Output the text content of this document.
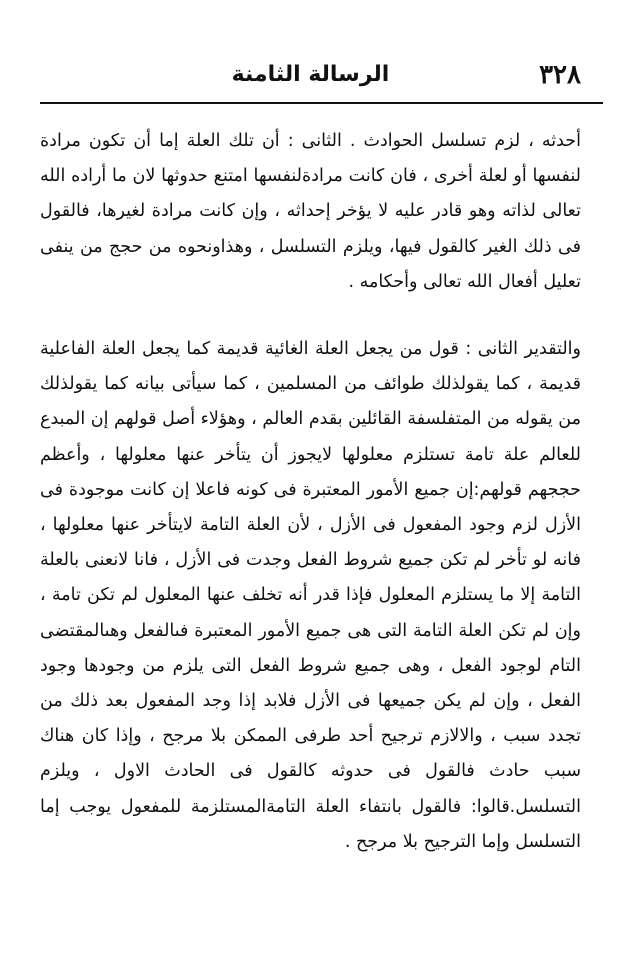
٣٢٨
الرسالة الثامنة

أحدثه ، لزم تسلسل الحوادث . الثانى : أن تلك العلة إما أن تكون مرادة لنفسها أو لعلة أخرى ، فان كانت مرادةلنفسها امتنع حدوثها لان ما أراده الله تعالى لذاته وهو قادر عليه لا يؤخر إحداثه ، وإن كانت مرادة لغيرها، فالقول فى ذلك الغير كالقول فيها، ويلزم التسلسل ، وهذاونحوه من حجج من ينفى تعليل أفعال الله تعالى وأحكامه .

والتقدير الثانى : قول من يجعل العلة الغائية قديمة كما يجعل العلة الفاعلية قديمة ، كما يقولذلك طوائف من المسلمين ، كما سيأتى بيانه كما يقولذلك من يقوله من المتفلسفة القائلين بقدم العالم ، وهؤلاء أصل قولهم إن المبدع للعالم علة تامة تستلزم معلولها لايجوز أن يتأخر عنها معلولها ، وأعظم حججهم قولهم:إن جميع الأمور المعتبرة فى كونه فاعلا إن كانت موجودة فى الأزل لزم وجود المفعول فى الأزل ، لأن العلة التامة لايتأخر عنها معلولها ، فانه لو تأخر لم تكن جميع شروط الفعل وجدت فى الأزل ، فانا لانعنى بالعلة التامة إلا ما يستلزم المعلول فإذا قدر أنه تخلف عنها المعلول لم تكن تامة ، وإن لم تكن العلة التامة التى هى جميع الأمور المعتبرة فىالفعل وهىالمقتضى التام لوجود الفعل ، وهى جميع شروط الفعل التى يلزم من وجودها وجود الفعل ، وإن لم يكن جميعها فى الأزل فلابد إذا وجد المفعول بعد ذلك من تجدد سبب ، والالازم ترجيح أحد طرفى الممكن بلا مرجح ، وإذا كان هناك سبب حادث فالقول فى حدوثه كالقول فى الحادث الاول ، ويلزم التسلسل.قالوا: فالقول بانتفاء العلة التامةالمستلزمة للمفعول يوجب إما التسلسل وإما الترجيح بلا مرجح .
